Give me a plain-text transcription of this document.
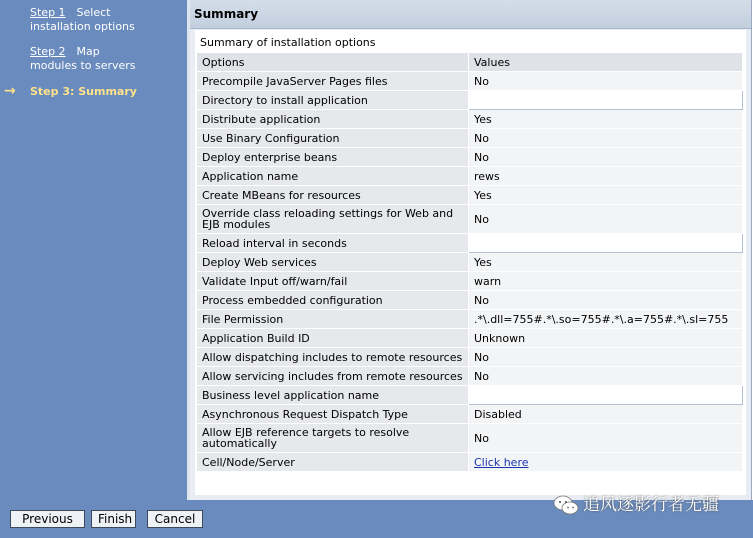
Step 1 Select
installation options
Step 2 Map
modules to servers
→ Step 3: Summary
Summary
Summary of installation options
Options	Values
Precompile JavaServer Pages files	No
Directory to install application	
Distribute application	Yes
Use Binary Configuration	No
Deploy enterprise beans	No
Application name	rews
Create MBeans for resources	Yes
Override class reloading settings for Web and EJB modules	No
Reload interval in seconds	
Deploy Web services	Yes
Validate Input off/warn/fail	warn
Process embedded configuration	No
File Permission	.*\.dll=755#.*\.so=755#.*\.a=755#.*\.sl=755
Application Build ID	Unknown
Allow dispatching includes to remote resources	No
Allow servicing includes from remote resources	No
Business level application name	
Asynchronous Request Dispatch Type	Disabled
Allow EJB reference targets to resolve automatically	No
Cell/Node/Server	Click here
Previous	Finish	Cancel
追风逐影行者无疆
